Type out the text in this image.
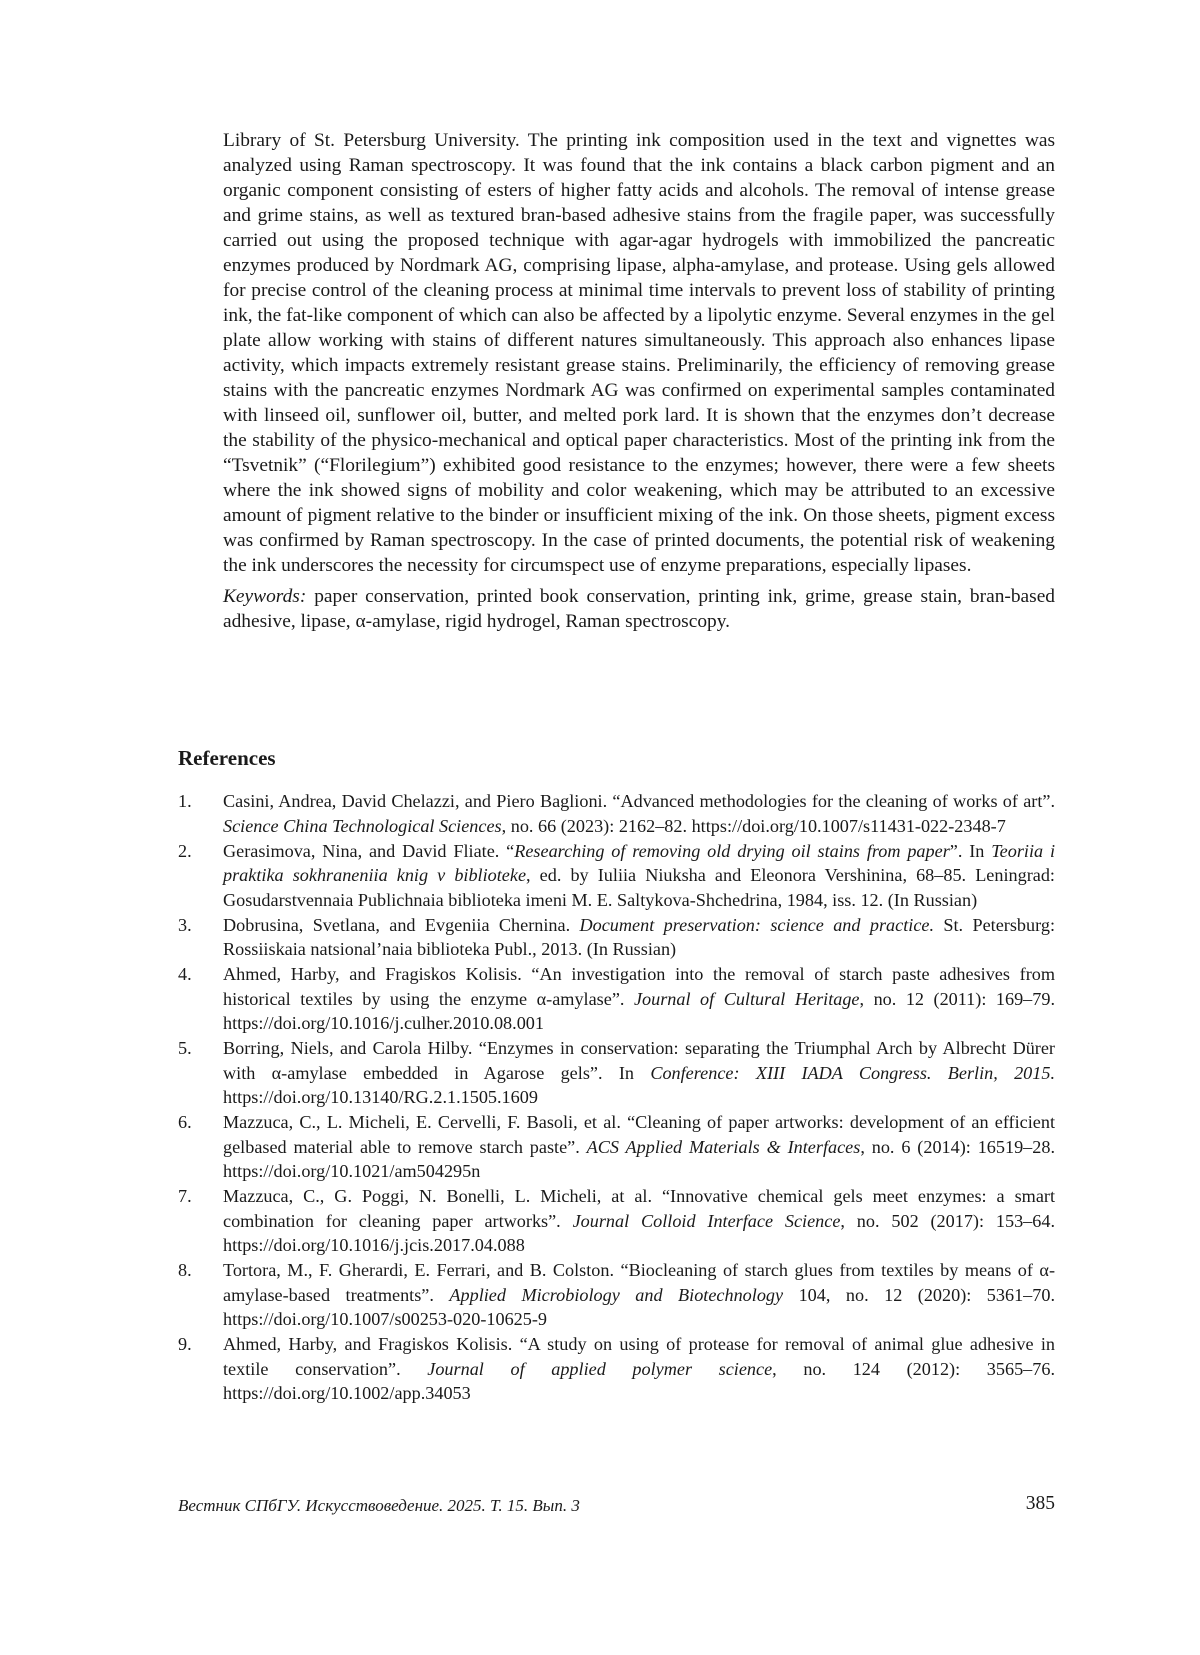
Library of St. Petersburg University. The printing ink composition used in the text and vignettes was analyzed using Raman spectroscopy. It was found that the ink contains a black carbon pigment and an organic component consisting of esters of higher fatty acids and alcohols. The removal of intense grease and grime stains, as well as textured bran-based adhesive stains from the fragile paper, was successfully carried out using the proposed technique with agar-agar hydrogels with immobilized the pancreatic enzymes produced by Nordmark AG, comprising lipase, alpha-amylase, and protease. Using gels allowed for precise control of the cleaning process at minimal time intervals to prevent loss of stability of printing ink, the fat-like component of which can also be affected by a lipolytic enzyme. Several enzymes in the gel plate allow working with stains of different natures simultaneously. This approach also enhances lipase activity, which impacts extremely resistant grease stains. Preliminarily, the efficiency of removing grease stains with the pancreatic enzymes Nordmark AG was confirmed on experimental samples contaminated with linseed oil, sunflower oil, butter, and melted pork lard. It is shown that the enzymes don’t decrease the stability of the physico-mechanical and optical paper characteristics. Most of the printing ink from the “Tsvetnik” (“Florilegium”) exhibited good resistance to the enzymes; however, there were a few sheets where the ink showed signs of mobility and color weakening, which may be attributed to an excessive amount of pigment relative to the binder or insufficient mixing of the ink. On those sheets, pigment excess was confirmed by Raman spectroscopy. In the case of printed documents, the potential risk of weakening the ink underscores the necessity for circumspect use of enzyme preparations, especially lipases.

Keywords: paper conservation, printed book conservation, printing ink, grime, grease stain, bran-based adhesive, lipase, α-amylase, rigid hydrogel, Raman spectroscopy.

References
1. Casini, Andrea, David Chelazzi, and Piero Baglioni. “Advanced methodologies for the cleaning of works of art”. Science China Technological Sciences, no. 66 (2023): 2162–82. https://doi.org/10.1007/s11431-022-2348-7
2. Gerasimova, Nina, and David Fliate. “Researching of removing old drying oil stains from paper”. In Teoriia i praktika sokhraneniia knig v biblioteke, ed. by Iuliia Niuksha and Eleonora Vershinina, 68–85. Leningrad: Gosudarstvennaia Publichnaia biblioteka imeni M. E. Saltykova-Shchedrina, 1984, iss. 12. (In Russian)
3. Dobrusina, Svetlana, and Evgeniia Chernina. Document preservation: science and practice. St. Petersburg: Rossiiskaia natsional’naia biblioteka Publ., 2013. (In Russian)
4. Ahmed, Harby, and Fragiskos Kolisis. “An investigation into the removal of starch paste adhesives from historical textiles by using the enzyme α-amylase”. Journal of Cultural Heritage, no. 12 (2011): 169–79. https://doi.org/10.1016/j.culher.2010.08.001
5. Borring, Niels, and Carola Hilby. “Enzymes in conservation: separating the Triumphal Arch by Albrecht Dürer with α-amylase embedded in Agarose gels”. In Conference: XIII IADA Congress. Berlin, 2015. https://doi.org/10.13140/RG.2.1.1505.1609
6. Mazzuca, C., L. Micheli, E. Cervelli, F. Basoli, et al. “Cleaning of paper artworks: development of an efficient gelbased material able to remove starch paste”. ACS Applied Materials & Interfaces, no. 6 (2014): 16519–28. https://doi.org/10.1021/am504295n
7. Mazzuca, C., G. Poggi, N. Bonelli, L. Micheli, at al. “Innovative chemical gels meet enzymes: a smart combination for cleaning paper artworks”. Journal Colloid Interface Science, no. 502 (2017): 153–64. https://doi.org/10.1016/j.jcis.2017.04.088
8. Tortora, M., F. Gherardi, E. Ferrari, and B. Colston. “Biocleaning of starch glues from textiles by means of α-amylase-based treatments”. Applied Microbiology and Biotechnology 104, no. 12 (2020): 5361–70. https://doi.org/10.1007/s00253-020-10625-9
9. Ahmed, Harby, and Fragiskos Kolisis. “A study on using of protease for removal of animal glue adhesive in textile conservation”. Journal of applied polymer science, no. 124 (2012): 3565–76. https://doi.org/10.1002/app.34053

Вестник СПбГУ. Искусствоведение. 2025. Т. 15. Вып. 3	385
